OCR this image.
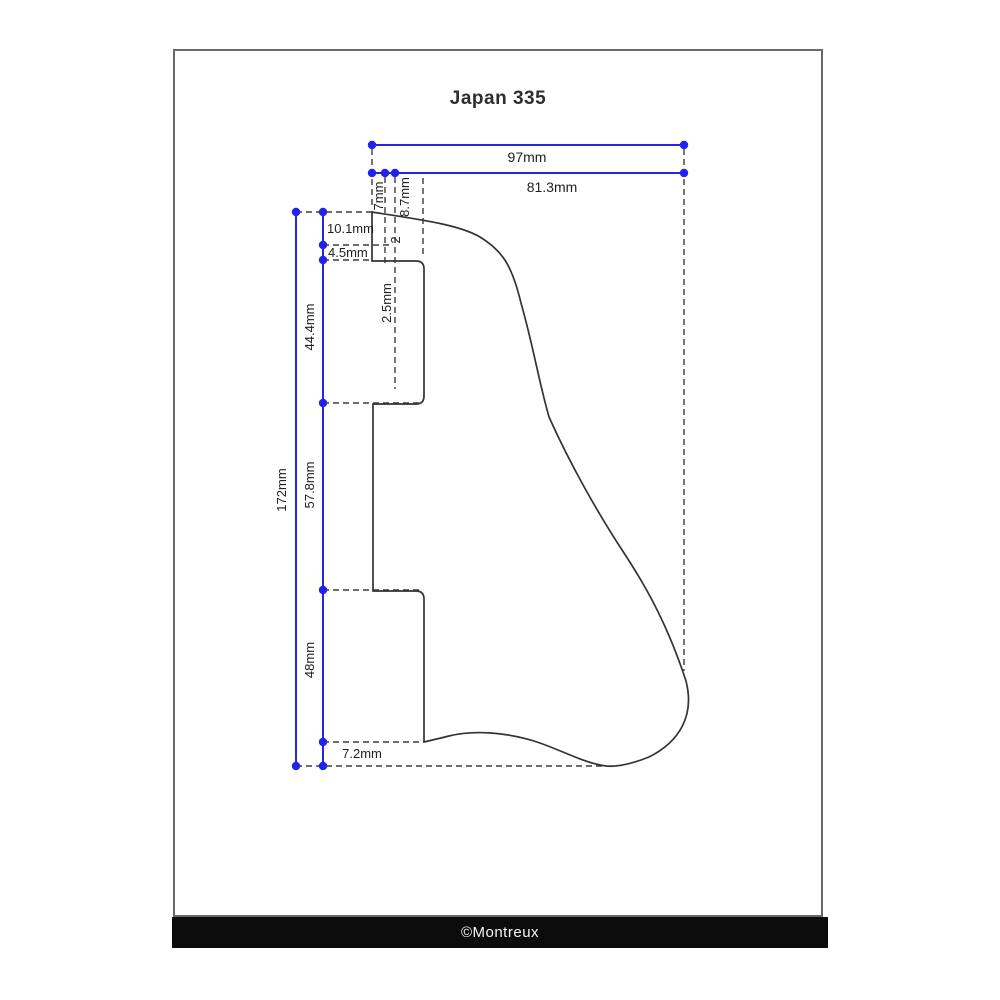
Japan 335
97mm
81.3mm
7mm 8.7mm
2
2.5mm
10.1mm
4.5mm
44.4mm
57.8mm
48mm
172mm
7.2mm
©Montreux
